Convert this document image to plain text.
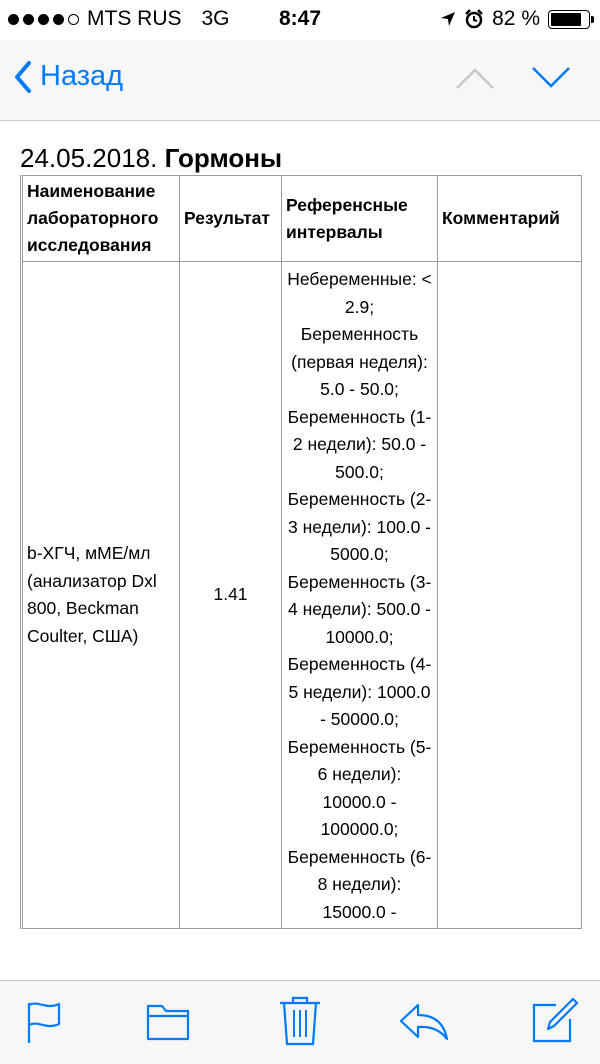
MTS RUS 3G	8:47	82 %
Назад
24.05.2018. Гормоны
Наименование лабораторного исследования	Результат	Референсные интервалы	Комментарий
b-ХГЧ, мМЕ/мл (анализатор Dxl 800, Beckman Coulter, США)	1.41	Небеременные: < 2.9; Беременность (первая неделя): 5.0 - 50.0; Беременность (1-2 недели): 50.0 - 500.0; Беременность (2-3 недели): 100.0 - 5000.0; Беременность (3-4 недели): 500.0 - 10000.0; Беременность (4-5 недели): 1000.0 - 50000.0; Беременность (5-6 недели): 10000.0 - 100000.0; Беременность (6-8 недели): 15000.0 -	
